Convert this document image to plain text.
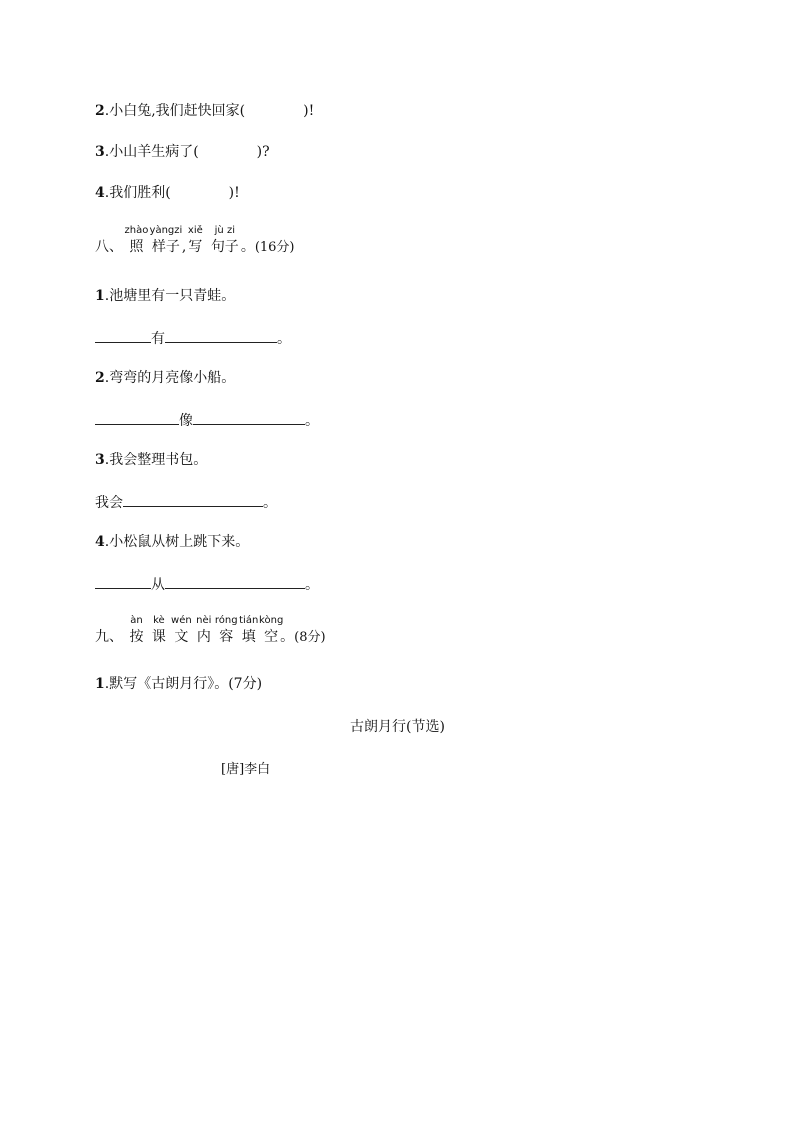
2.小白兔,我们赶快回家(	)!
3.小山羊生病了(	)?
4.我们胜利(	)!
八、
zhào
照
yàngzi
样子 ,
xiě
写
jù zi
句子 。(16分)
1.池塘里有一只青蛙。
有	。
2.弯弯的月亮像小船。
像	。
3.我会整理书包。
我会	。
4.小松鼠从树上跳下来。
从	。
九、
àn
按
kè
课
wén
文
nèi
内
róng
容
tián
填
kòng
空 。(8分)
1.默写《古朗月行》。(7分)
古朗月行(节选)
[唐]李白
